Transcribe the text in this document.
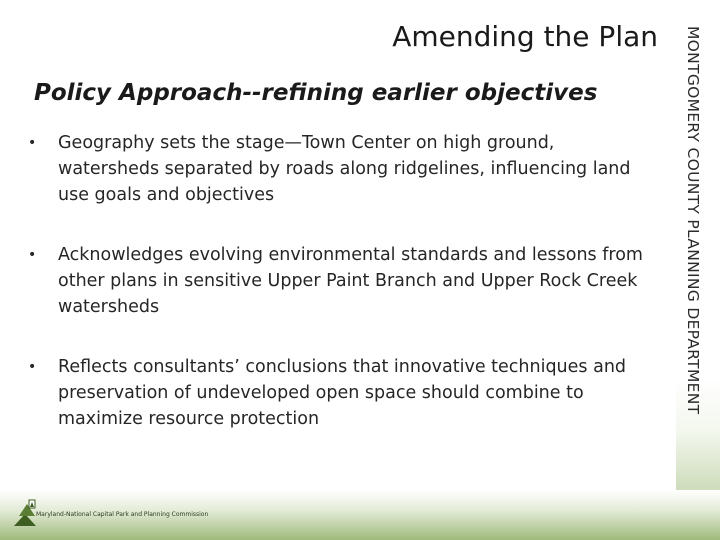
MONTGOMERY COUNTY PLANNING DEPARTMENT
Amending the Plan
Policy Approach--refining earlier objectives
•	Geography sets the stage—Town Center on high ground, watersheds separated by roads along ridgelines, influencing land use goals and objectives
•	Acknowledges evolving environmental standards and lessons from other plans in sensitive Upper Paint Branch and Upper Rock Creek watersheds
•	Reflects consultants’ conclusions that innovative techniques and preservation of undeveloped open space should combine to maximize resource protection
Maryland-National Capital Park and Planning Commission
